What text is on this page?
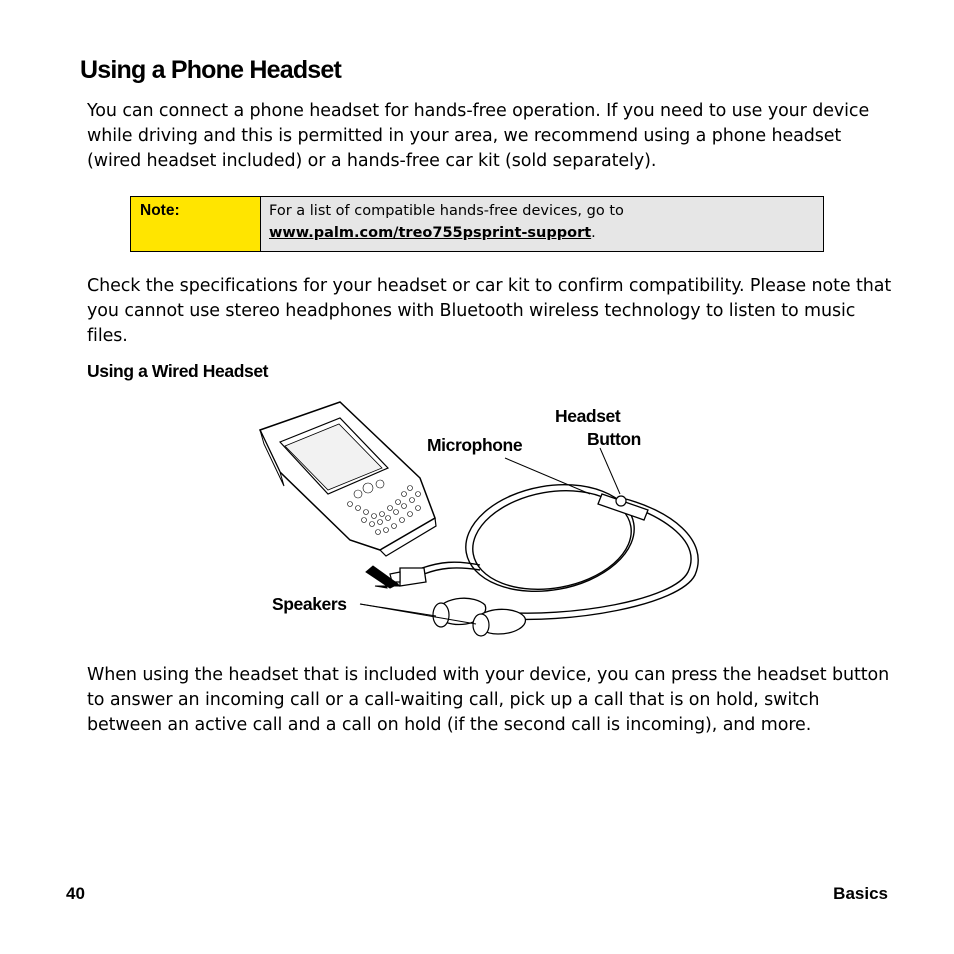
Using a Phone Headset

You can connect a phone headset for hands-free operation. If you need to use your device while driving and this is permitted in your area, we recommend using a phone headset (wired headset included) or a hands-free car kit (sold separately).

Note:	For a list of compatible hands-free devices, go to
www.palm.com/treo755psprint-support.

Check the specifications for your headset or car kit to confirm compatibility. Please note that you cannot use stereo headphones with Bluetooth wireless technology to listen to music files.

Using a Wired Headset
Headset
Button
Microphone
Speakers

When using the headset that is included with your device, you can press the headset button to answer an incoming call or a call-waiting call, pick up a call that is on hold, switch between an active call and a call on hold (if the second call is incoming), and more.

40	Basics
